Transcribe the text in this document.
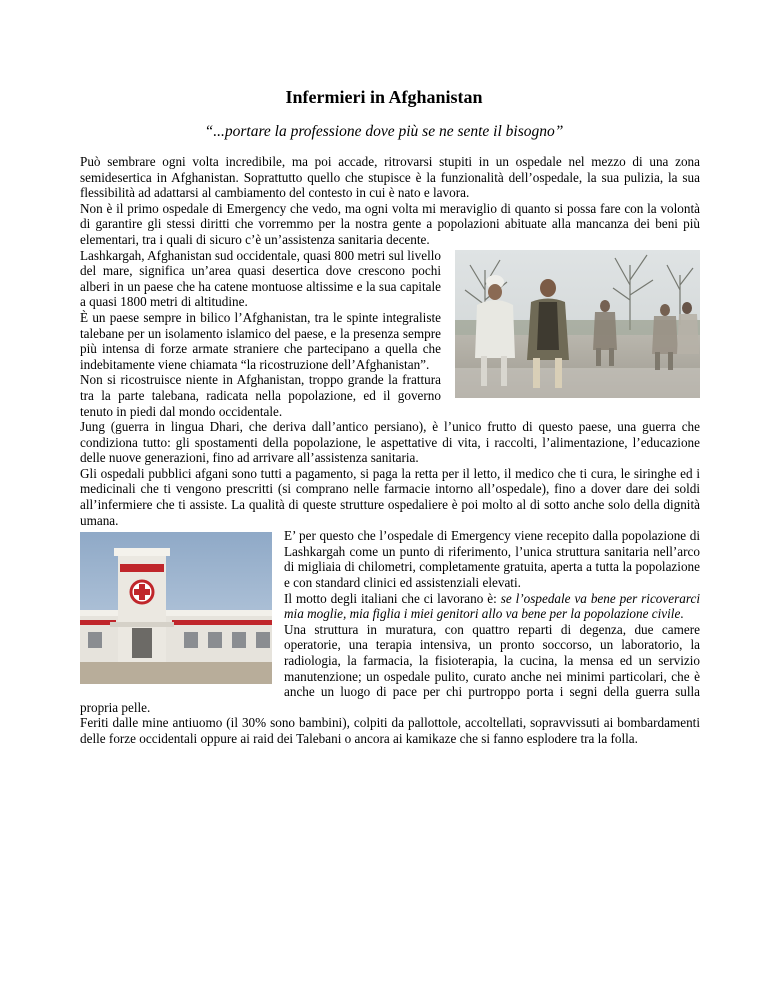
Infermieri in Afghanistan
“...portare la professione dove più se ne sente il bisogno”

Può sembrare ogni volta incredibile, ma poi accade, ritrovarsi stupiti in un ospedale nel mezzo di una zona semidesertica in Afghanistan. Soprattutto quello che stupisce è la funzionalità dell’ospedale, la sua pulizia, la sua flessibilità ad adattarsi al cambiamento del contesto in cui è nato e lavora.

Non è il primo ospedale di Emergency che vedo, ma ogni volta mi meraviglio di quanto si possa fare con la volontà di garantire gli stessi diritti che vorremmo per la nostra gente a popolazioni abituate alla mancanza dei beni più elementari, tra i quali di sicuro c’è un’assistenza sanitaria decente.

Lashkargah, Afghanistan sud occidentale, quasi 800 metri sul livello del mare, significa un’area quasi desertica dove crescono pochi alberi in un paese che ha catene montuose altissime e la sua capitale a quasi 1800 metri di altitudine.

È un paese sempre in bilico l’Afghanistan, tra le spinte integraliste talebane per un isolamento islamico del paese, e la presenza sempre più intensa di forze armate straniere che partecipano a quella che indebitamente viene chiamata “la ricostruzione dell’Afghanistan”.

Non si ricostruisce niente in Afghanistan, troppo grande la frattura tra la parte talebana, radicata nella popolazione, ed il governo tenuto in piedi dal mondo occidentale.

Jung (guerra in lingua Dhari, che deriva dall’antico persiano), è l’unico frutto di questo paese, una guerra che condiziona tutto: gli spostamenti della popolazione, le aspettative di vita, i raccolti, l’alimentazione, l’educazione delle nuove generazioni, fino ad arrivare all’assistenza sanitaria.

Gli ospedali pubblici afgani sono tutti a pagamento, si paga la retta per il letto, il medico che ti cura, le siringhe ed i medicinali che ti vengono prescritti (si comprano nelle farmacie intorno all’ospedale), fino a dover dare dei soldi all’infermiere che ti assiste. La qualità di queste strutture ospedaliere è poi molto al di sotto anche solo della dignità umana.

E’ per questo che l’ospedale di Emergency viene recepito dalla popolazione di Lashkargah come un punto di riferimento, l’unica struttura sanitaria nell’arco di migliaia di chilometri, completamente gratuita, aperta a tutta la popolazione e con standard clinici ed assistenziali elevati.

Il motto degli italiani che ci lavorano è: se l’ospedale va bene per ricoverarci mia moglie, mia figlia i miei genitori allo va bene per la popolazione civile.

Una struttura in muratura, con quattro reparti di degenza, due camere operatorie, una terapia intensiva, un pronto soccorso, un laboratorio, la radiologia, la farmacia, la fisioterapia, la cucina, la mensa ed un servizio manutenzione; un ospedale pulito, curato anche nei minimi particolari, che è anche un luogo di pace per chi purtroppo porta i segni della guerra sulla propria pelle.

Feriti dalle mine antiuomo (il 30% sono bambini), colpiti da pallottole, accoltellati, sopravvissuti ai bombardamenti delle forze occidentali oppure ai raid dei Talebani o ancora ai kamikaze che si fanno esplodere tra la folla.
